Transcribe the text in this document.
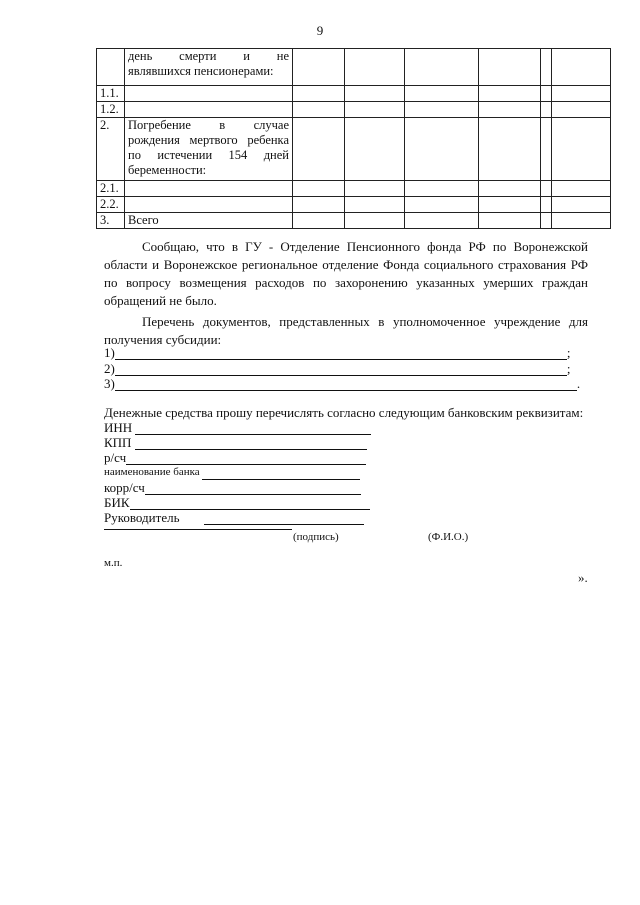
9

	день смерти и не
являвшихся пенсионерами:						

1.1.							
1.2.							
2.	Погребение в случае
рождения мертвого ребенка
по истечении 154 дней
беременности:						

2.1.							
2.2.							
3.	Всего						
Сообщаю, что в ГУ - Отделение Пенсионного фонда РФ по Воронежской области и Воронежское региональное отделение Фонда социального страхования РФ по вопросу возмещения расходов по захоронению указанных умерших граждан обращений не было.
Перечень документов, представленных в уполномоченное учреждение для получения субсидии:
1)	;
2)	;
3)	.
Денежные средства прошу перечислять согласно следующим банковским реквизитам:
ИНН
КПП
р/сч
наименование банка
корр/сч
БИК
Руководитель
(подпись)	(Ф.И.О.)
м.п.
».
